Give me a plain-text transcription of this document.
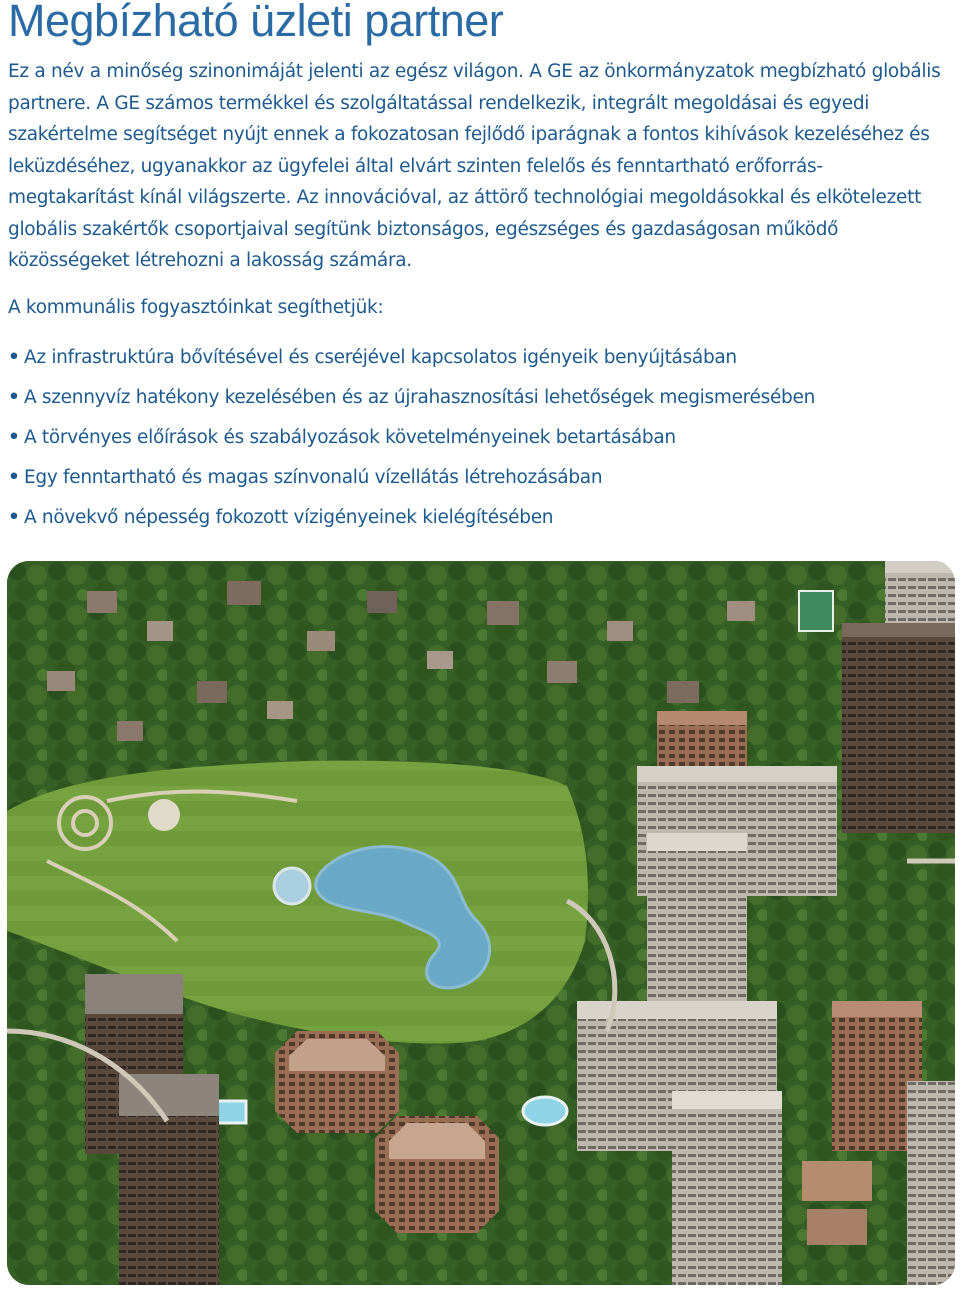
Megbízható üzleti partner

Ez a név a minőség szinonimáját jelenti az egész világon. A GE az önkormányzatok megbízható globális partnere. A GE számos termékkel és szolgáltatással rendelkezik, integrált megoldásai és egyedi szakértelme segítséget nyújt ennek a fokozatosan fejlődő iparágnak a fontos kihívások kezeléséhez és leküzdéséhez, ugyanakkor az ügyfelei által elvárt szinten felelős és fenntartható erőforrás-megtakarítást kínál világszerte. Az innovációval, az áttörő technológiai megoldásokkal és elkötelezett globális szakértők csoportjaival segítünk biztonságos, egészséges és gazdaságosan működő közösségeket létrehozni a lakosság számára.

A kommunális fogyasztóinkat segíthetjük:

• Az infrastruktúra bővítésével és cseréjével kapcsolatos igényeik benyújtásában
• A szennyvíz hatékony kezelésében és az újrahasznosítási lehetőségek megismerésében
• A törvényes előírások és szabályozások követelményeinek betartásában
• Egy fenntartható és magas színvonalú vízellátás létrehozásában
• A növekvő népesség fokozott vízigényeinek kielégítésében
